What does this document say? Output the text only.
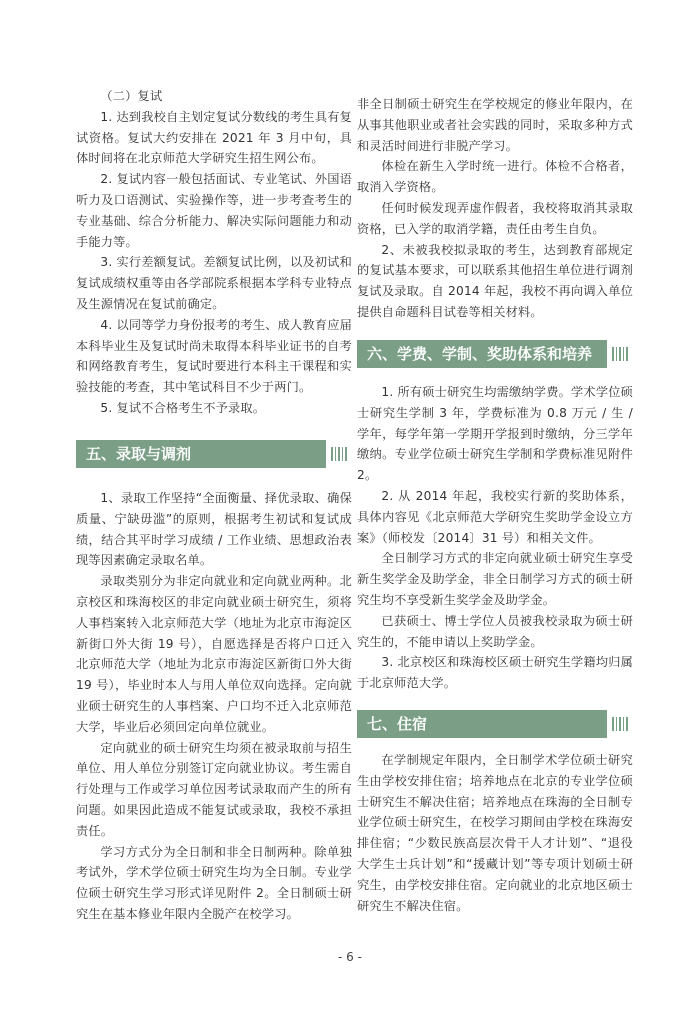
（二）复试

1. 达到我校自主划定复试分数线的考生具有复试资格。复试大约安排在 2021 年 3 月中旬，具体时间将在北京师范大学研究生招生网公布。

2. 复试内容一般包括面试、专业笔试、外国语听力及口语测试、实验操作等，进一步考查考生的专业基础、综合分析能力、解决实际问题能力和动手能力等。

3. 实行差额复试。差额复试比例，以及初试和复试成绩权重等由各学部院系根据本学科专业特点及生源情况在复试前确定。

4. 以同等学力身份报考的考生、成人教育应届本科毕业生及复试时尚未取得本科毕业证书的自考和网络教育考生，复试时要进行本科主干课程和实验技能的考查，其中笔试科目不少于两门。

5. 复试不合格考生不予录取。

五、录取与调剂

1、录取工作坚持“全面衡量、择优录取、确保质量、宁缺毋滥”的原则，根据考生初试和复试成绩，结合其平时学习成绩 / 工作业绩、思想政治表现等因素确定录取名单。

录取类别分为非定向就业和定向就业两种。北京校区和珠海校区的非定向就业硕士研究生，须将人事档案转入北京师范大学（地址为北京市海淀区新街口外大街 19 号），自愿选择是否将户口迁入北京师范大学（地址为北京市海淀区新街口外大街 19 号），毕业时本人与用人单位双向选择。定向就业硕士研究生的人事档案、户口均不迁入北京师范大学，毕业后必须回定向单位就业。

定向就业的硕士研究生均须在被录取前与招生单位、用人单位分别签订定向就业协议。考生需自行处理与工作或学习单位因考试录取而产生的所有问题。如果因此造成不能复试或录取，我校不承担责任。

学习方式分为全日制和非全日制两种。除单独考试外，学术学位硕士研究生均为全日制。专业学位硕士研究生学习形式详见附件 2。全日制硕士研究生在基本修业年限内全脱产在校学习。

非全日制硕士研究生在学校规定的修业年限内，在从事其他职业或者社会实践的同时，采取多种方式和灵活时间进行非脱产学习。

体检在新生入学时统一进行。体检不合格者，取消入学资格。

任何时候发现弄虚作假者，我校将取消其录取资格，已入学的取消学籍，责任由考生自负。

2、未被我校拟录取的考生，达到教育部规定的复试基本要求，可以联系其他招生单位进行调剂复试及录取。自 2014 年起，我校不再向调入单位提供自命题科目试卷等相关材料。

六、学费、学制、奖助体系和培养

1. 所有硕士研究生均需缴纳学费。学术学位硕士研究生学制 3 年，学费标准为 0.8 万元 / 生 / 学年，每学年第一学期开学报到时缴纳，分三学年缴纳。专业学位硕士研究生学制和学费标准见附件 2。

2. 从 2014 年起，我校实行新的奖助体系，具体内容见《北京师范大学研究生奖助学金设立方案》（师校发〔2014〕31 号）和相关文件。

全日制学习方式的非定向就业硕士研究生享受新生奖学金及助学金，非全日制学习方式的硕士研究生均不享受新生奖学金及助学金。

已获硕士、博士学位人员被我校录取为硕士研究生的，不能申请以上奖助学金。

3. 北京校区和珠海校区硕士研究生学籍均归属于北京师范大学。

七、住宿

在学制规定年限内，全日制学术学位硕士研究生由学校安排住宿；培养地点在北京的专业学位硕士研究生不解决住宿；培养地点在珠海的全日制专业学位硕士研究生，在校学习期间由学校在珠海安排住宿；“少数民族高层次骨干人才计划”、“退役大学生士兵计划”和“援藏计划”等专项计划硕士研究生，由学校安排住宿。定向就业的北京地区硕士研究生不解决住宿。

- 6 -
